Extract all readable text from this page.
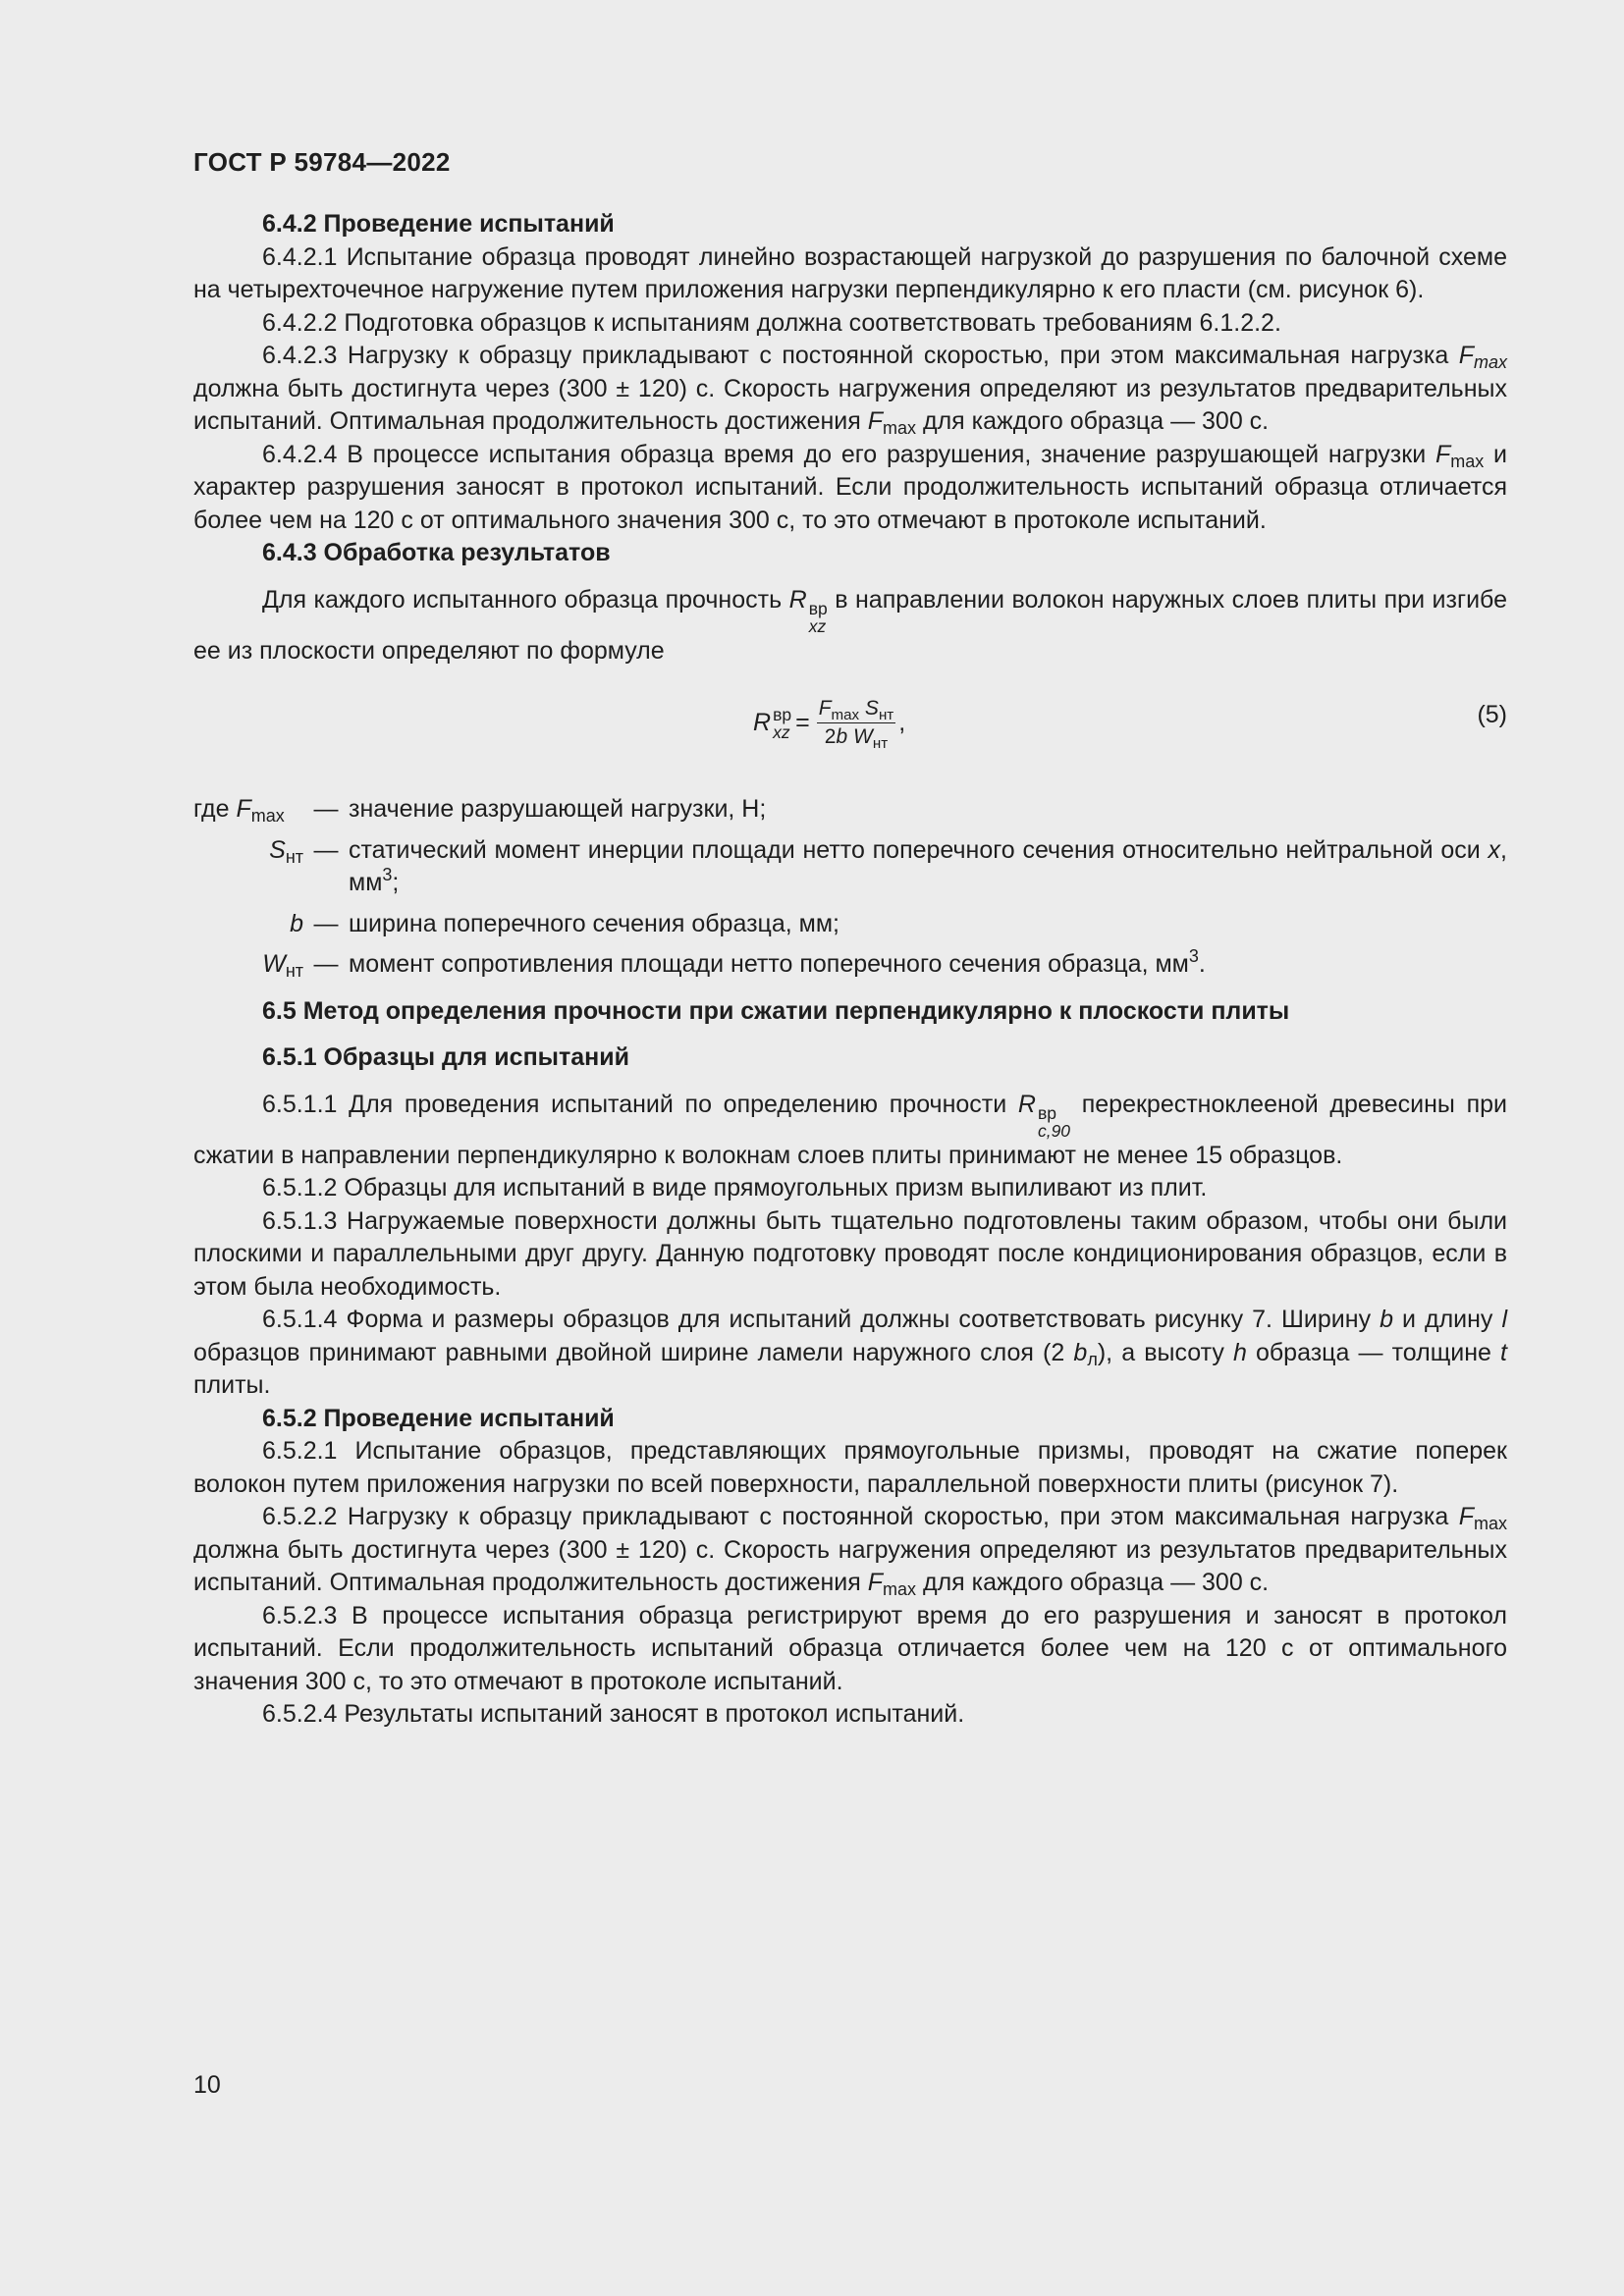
ГОСТ Р 59784—2022

6.4.2 Проведение испытаний

6.4.2.1 Испытание образца проводят линейно возрастающей нагрузкой до разрушения по балочной схеме на четырехточечное нагружение путем приложения нагрузки перпендикулярно к его пласти (см. рисунок 6).

6.4.2.2 Подготовка образцов к испытаниям должна соответствовать требованиям 6.1.2.2.

6.4.2.3 Нагрузку к образцу прикладывают с постоянной скоростью, при этом максимальная нагрузка $F_{max}$ должна быть достигнута через (300 ± 120) с. Скорость нагружения определяют из результатов предварительных испытаний. Оптимальная продолжительность достижения $F_{max}$ для каждого образца — 300 с.

6.4.2.4 В процессе испытания образца время до его разрушения, значение разрушающей нагрузки $F_{max}$ и характер разрушения заносят в протокол испытаний. Если продолжительность испытаний образца отличается более чем на 120 с от оптимального значения 300 с, то это отмечают в протоколе испытаний.

6.4.3 Обработка результатов

Для каждого испытанного образца прочность R вр
xz
в направлении волокон наружных слоев плиты при изгибе ее из плоскости определяют по формуле

R вр
xz = $\frac{F_{max} S_{нт}}{2b W_{нт}}$ ,	(5)
где $F_{max}$	— значение разрушающей нагрузки, Н;
$S_{нт}$ — статический момент инерции площади нетто поперечного сечения относительно нейтральной оси x, $мм^3$;
b — ширина поперечного сечения образца, мм;
$W_{нт}$ — момент сопротивления площади нетто поперечного сечения образца, $мм^3$.

6.5 Метод определения прочности при сжатии перпендикулярно к плоскости плиты

6.5.1 Образцы для испытаний

6.5.1.1 Для проведения испытаний по определению прочности R вр
c,90
перекрестноклееной древесины при сжатии в направлении перпендикулярно к волокнам слоев плиты принимают не менее 15 образцов.

6.5.1.2 Образцы для испытаний в виде прямоугольных призм выпиливают из плит.

6.5.1.3 Нагружаемые поверхности должны быть тщательно подготовлены таким образом, чтобы они были плоскими и параллельными друг другу. Данную подготовку проводят после кондиционирования образцов, если в этом была необходимость.

6.5.1.4 Форма и размеры образцов для испытаний должны соответствовать рисунку 7. Ширину b и длину l образцов принимают равными двойной ширине ламели наружного слоя (2 $b_л$), а высоту h образца — толщине t плиты.

6.5.2 Проведение испытаний

6.5.2.1 Испытание образцов, представляющих прямоугольные призмы, проводят на сжатие поперек волокон путем приложения нагрузки по всей поверхности, параллельной поверхности плиты (рисунок 7).

6.5.2.2 Нагрузку к образцу прикладывают с постоянной скоростью, при этом максимальная нагрузка $F_{max}$ должна быть достигнута через (300 ± 120) с. Скорость нагружения определяют из результатов предварительных испытаний. Оптимальная продолжительность достижения $F_{max}$ для каждого образца — 300 с.

6.5.2.3 В процессе испытания образца регистрируют время до его разрушения и заносят в протокол испытаний. Если продолжительность испытаний образца отличается более чем на 120 с от оптимального значения 300 с, то это отмечают в протоколе испытаний.

6.5.2.4 Результаты испытаний заносят в протокол испытаний.

10
